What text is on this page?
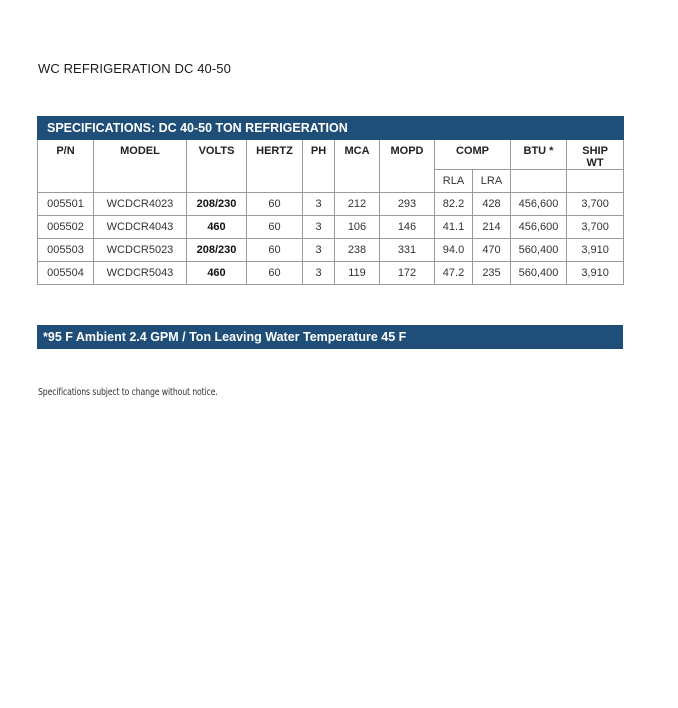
WC REFRIGERATION DC 40-50
SPECIFICATIONS: DC 40-50 TON REFRIGERATION										
P/N	MODEL	VOLTS	HERTZ	PH	MCA	MOPD	COMP		BTU *	SHIP
WT
							RLA	LRA		
005501	WCDCR4023	208/230	60	3	212	293	82.2	428	456,600	3,700
005502	WCDCR4043	460	60	3	106	146	41.1	214	456,600	3,700
005503	WCDCR5023	208/230	60	3	238	331	94.0	470	560,400	3,910
005504	WCDCR5043	460	60	3	119	172	47.2	235	560,400	3,910
*95 F Ambient 2.4 GPM / Ton Leaving Water Temperature 45 F
Specifications subject to change without notice.
